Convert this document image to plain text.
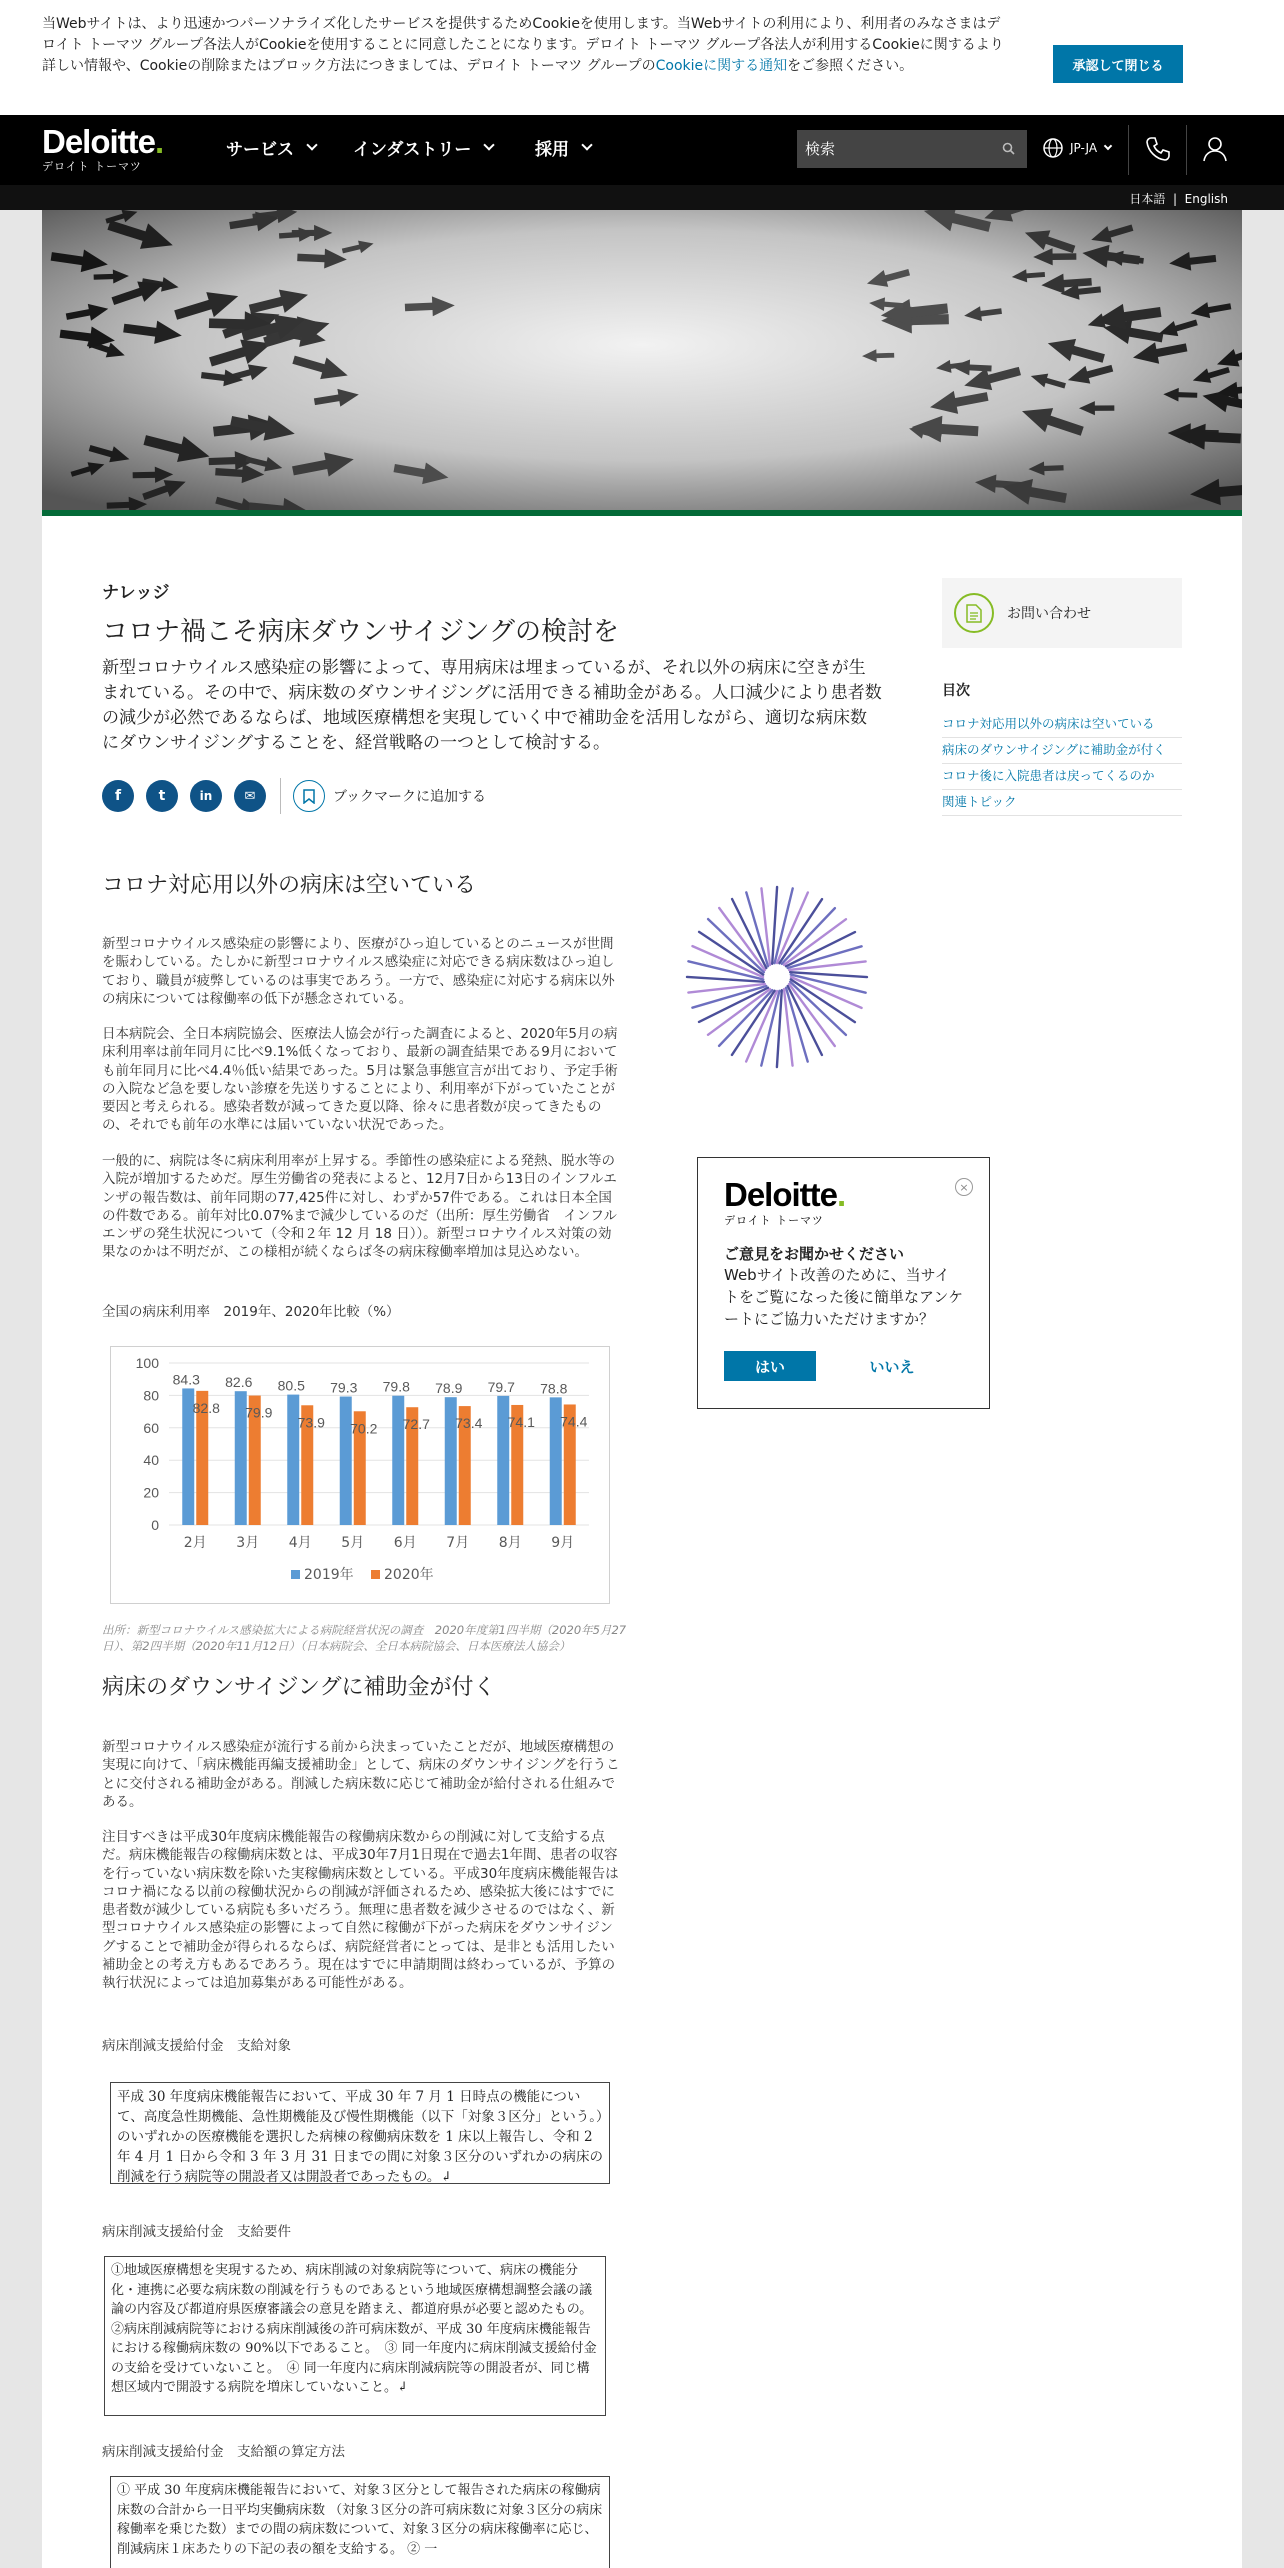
当Webサイトは、より迅速かつパーソナライズ化したサービスを提供するためCookieを使用します。当Webサイトの利用により、利用者のみなさまはデロイト トーマツ グループ各法人がCookieを使用することに同意したことになります。デロイト トーマツ グループ各法人が利用するCookieに関するより詳しい情報や、Cookieの削除またはブロック方法につきましては、デロイト トーマツ グループのCookieに関する通知をご参照ください。	承認して閉じる
Deloitte.
デロイト トーマツ
サービス	インダストリー	採用
検索	JP-JA
日本語 | English
ナレッジ
コロナ禍こそ病床ダウンサイジングの検討を
新型コロナウイルス感染症の影響によって、専用病床は埋まっているが、それ以外の病床に空きが生まれている。その中で、病床数のダウンサイジングに活用できる補助金がある。人口減少により患者数の減少が必然であるならば、地域医療構想を実現していく中で補助金を活用しながら、適切な病床数にダウンサイジングすることを、経営戦略の一つとして検討する。
f	t	in	✉	ブックマークに追加する
コロナ対応用以外の病床は空いている
新型コロナウイルス感染症の影響により、医療がひっ迫しているとのニュースが世間を賑わしている。たしかに新型コロナウイルス感染症に対応できる病床数はひっ迫しており、職員が疲弊しているのは事実であろう。一方で、感染症に対応する病床以外の病床については稼働率の低下が懸念されている。
日本病院会、全日本病院協会、医療法人協会が行った調査によると、2020年5月の病床利用率は前年同月に比べ9.1%低くなっており、最新の調査結果である9月においても前年同月に比べ4.4％低い結果であった。5月は緊急事態宣言が出ており、予定手術の入院など急を要しない診療を先送りすることにより、利用率が下がっていたことが要因と考えられる。感染者数が減ってきた夏以降、徐々に患者数が戻ってきたものの、それでも前年の水準には届いていない状況であった。
一般的に、病院は冬に病床利用率が上昇する。季節性の感染症による発熱、脱水等の入院が増加するためだ。厚生労働省の発表によると、12月7日から13日のインフルエンザの報告数は、前年同期の77,425件に対し、わずか57件である。これは日本全国の件数である。前年対比0.07%まで減少しているのだ（出所：厚生労働省　インフルエンザの発生状況について（令和２年 12 月 18 日））。新型コロナウイルス対策の効果なのかは不明だが、この様相が続くならば冬の病床稼働率増加は見込めない。
全国の病床利用率　2019年、2020年比較（%）
0
20
40
60
80
100
84.3
82.8
2月
82.6
79.9
3月
80.5
73.9
4月
79.3
70.2
5月
79.8
72.7
6月
78.9
73.4
7月
79.7
74.1
8月
78.8
74.4
9月
2019年 2020年
出所：新型コロナウイルス感染拡大による病院経営状況の調査　2020年度第1四半期（2020年5月27日）、第2四半期（2020年11月12日）（日本病院会、全日本病院協会、日本医療法人協会）
病床のダウンサイジングに補助金が付く
新型コロナウイルス感染症が流行する前から決まっていたことだが、地域医療構想の実現に向けて、「病床機能再編支援補助金」として、病床のダウンサイジングを行うことに交付される補助金がある。削減した病床数に応じて補助金が給付される仕組みである。
注目すべきは平成30年度病床機能報告の稼働病床数からの削減に対して支給する点だ。病床機能報告の稼働病床数とは、平成30年7月1日現在で過去1年間、患者の収容を行っていない病床数を除いた実稼働病床数としている。平成30年度病床機能報告はコロナ禍になる以前の稼働状況からの削減が評価されるため、感染拡大後にはすでに患者数が減少している病院も多いだろう。無理に患者数を減少させるのではなく、新型コロナウイルス感染症の影響によって自然に稼働が下がった病床をダウンサイジングすることで補助金が得られるならば、病院経営者にとっては、是非とも活用したい補助金との考え方もあるであろう。現在はすでに申請期間は終わっているが、予算の執行状況によっては追加募集がある可能性がある。
病床削減支援給付金　支給対象
平成 30 年度病床機能報告において、平成 30 年 7 月 1 日時点の機能について、高度急性期機能、急性期機能及び慢性期機能（以下「対象３区分」という。）のいずれかの医療機能を選択した病棟の稼働病床数を 1 床以上報告し、令和 2 年 4 月 1 日から令和 3 年 3 月 31 日までの間に対象３区分のいずれかの病床の削減を行う病院等の開設者又は開設者であったもの。↲
病床削減支援給付金　支給要件
①地域医療構想を実現するため、病床削減の対象病院等について、病床の機能分化・連携に必要な病床数の削減を行うものであるという地域医療構想調整会議の議論の内容及び都道府県医療審議会の意見を踏まえ、都道府県が必要と認めたもの。　②病床削減病院等における病床削減後の許可病床数が、平成 30 年度病床機能報告における稼働病床数の 90%以下であること。　③ 同一年度内に病床削減支援給付金の支給を受けていないこと。　④ 同一年度内に病床削減病院等の開設者が、同じ構想区域内で開設する病院を増床していないこと。↲
病床削減支援給付金　支給額の算定方法
① 平成 30 年度病床機能報告において、対象３区分として報告された病床の稼働病床数の合計から一日平均実働病床数 （対象３区分の許可病床数に対象３区分の病床稼働率を乗じた数）までの間の病床数について、対象３区分の病床稼働率に応じ、削減病床１床あたりの下記の表の額を支給する。 ② 一
お問い合わせ
目次
コロナ対応用以外の病床は空いている
病床のダウンサイジングに補助金が付く
コロナ後に入院患者は戻ってくるのか
関連トピック
Deloitte.
デロイト トーマツ
×
ご意見をお聞かせください
Webサイト改善のために、当サイトをご覧になった後に簡単なアンケートにご協力いただけますか？
はい	いいえ
